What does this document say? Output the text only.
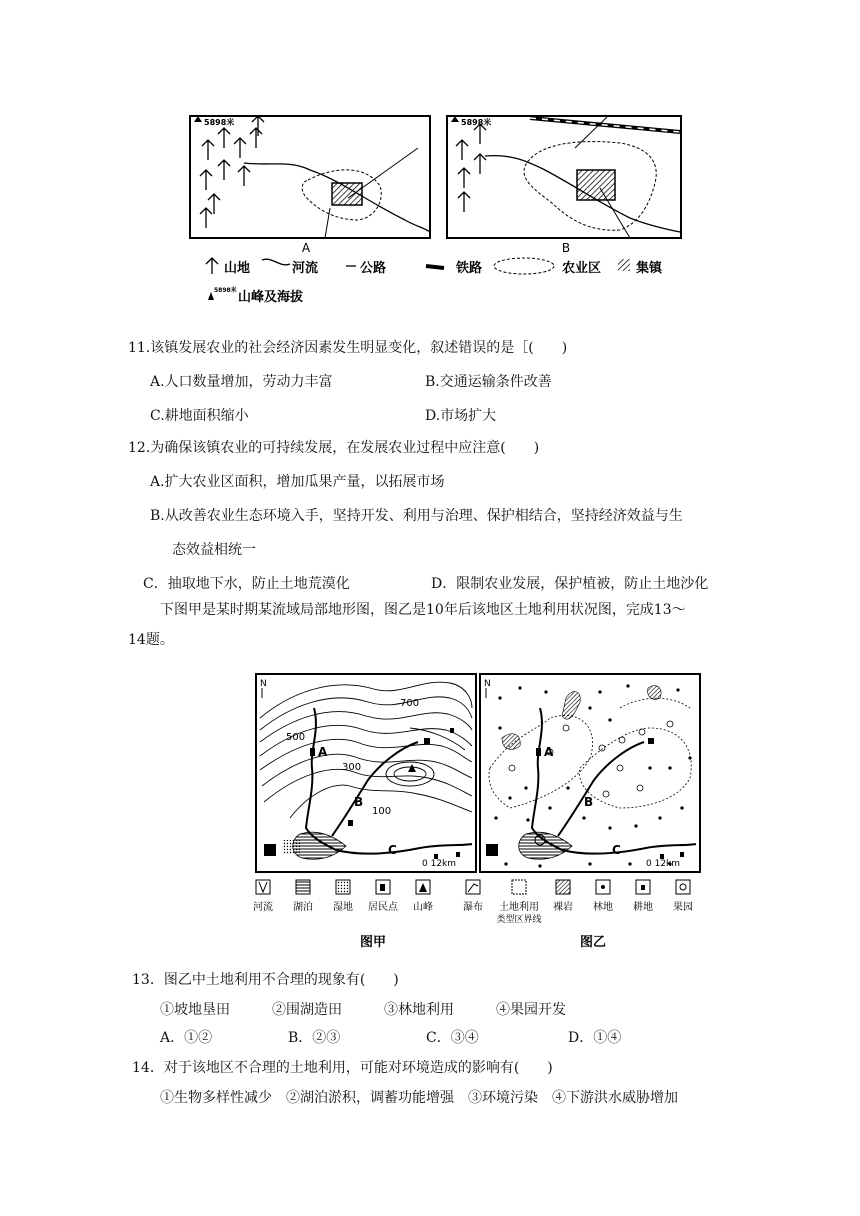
5898米	5898米
A	B
山地	河流	公路	铁路	农业区	集镇
5898米 山峰及海拔
11.该镇发展农业的社会经济因素发生明显变化，叙述错误的是［(　　)
A.人口数量增加，劳动力丰富	B.交通运输条件改善
C.耕地面积缩小	D.市场扩大
12.为确保该镇农业的可持续发展，在发展农业过程中应注意(　　)
A.扩大农业区面积，增加瓜果产量，以拓展市场
B.从改善农业生态环境入手，坚持开发、利用与治理、保护相结合，坚持经济效益与生
态效益相统一
C．抽取地下水，防止土地荒漠化	D．限制农业发展，保护植被，防止土地沙化
下图甲是某时期某流域局部地形图，图乙是10年后该地区土地利用状况图，完成13～
14题。
700
500
300
100
A
B
C
N
0 12km
A
B
C
N
0 12km
河流 湖泊 湿地 居民点 山峰	瀑布 土地利用
类型区界线
裸岩 林地 耕地 果园
图甲	图乙
13．图乙中土地利用不合理的现象有(　　)
①坡地垦田　　　②围湖造田　　　③林地利用　　　④果园开发
A．①②	B．②③	C．③④	D．①④
14．对于该地区不合理的土地利用，可能对环境造成的影响有(　　)
①生物多样性减少　②湖泊淤积，调蓄功能增强　③环境污染　④下游洪水威胁增加
